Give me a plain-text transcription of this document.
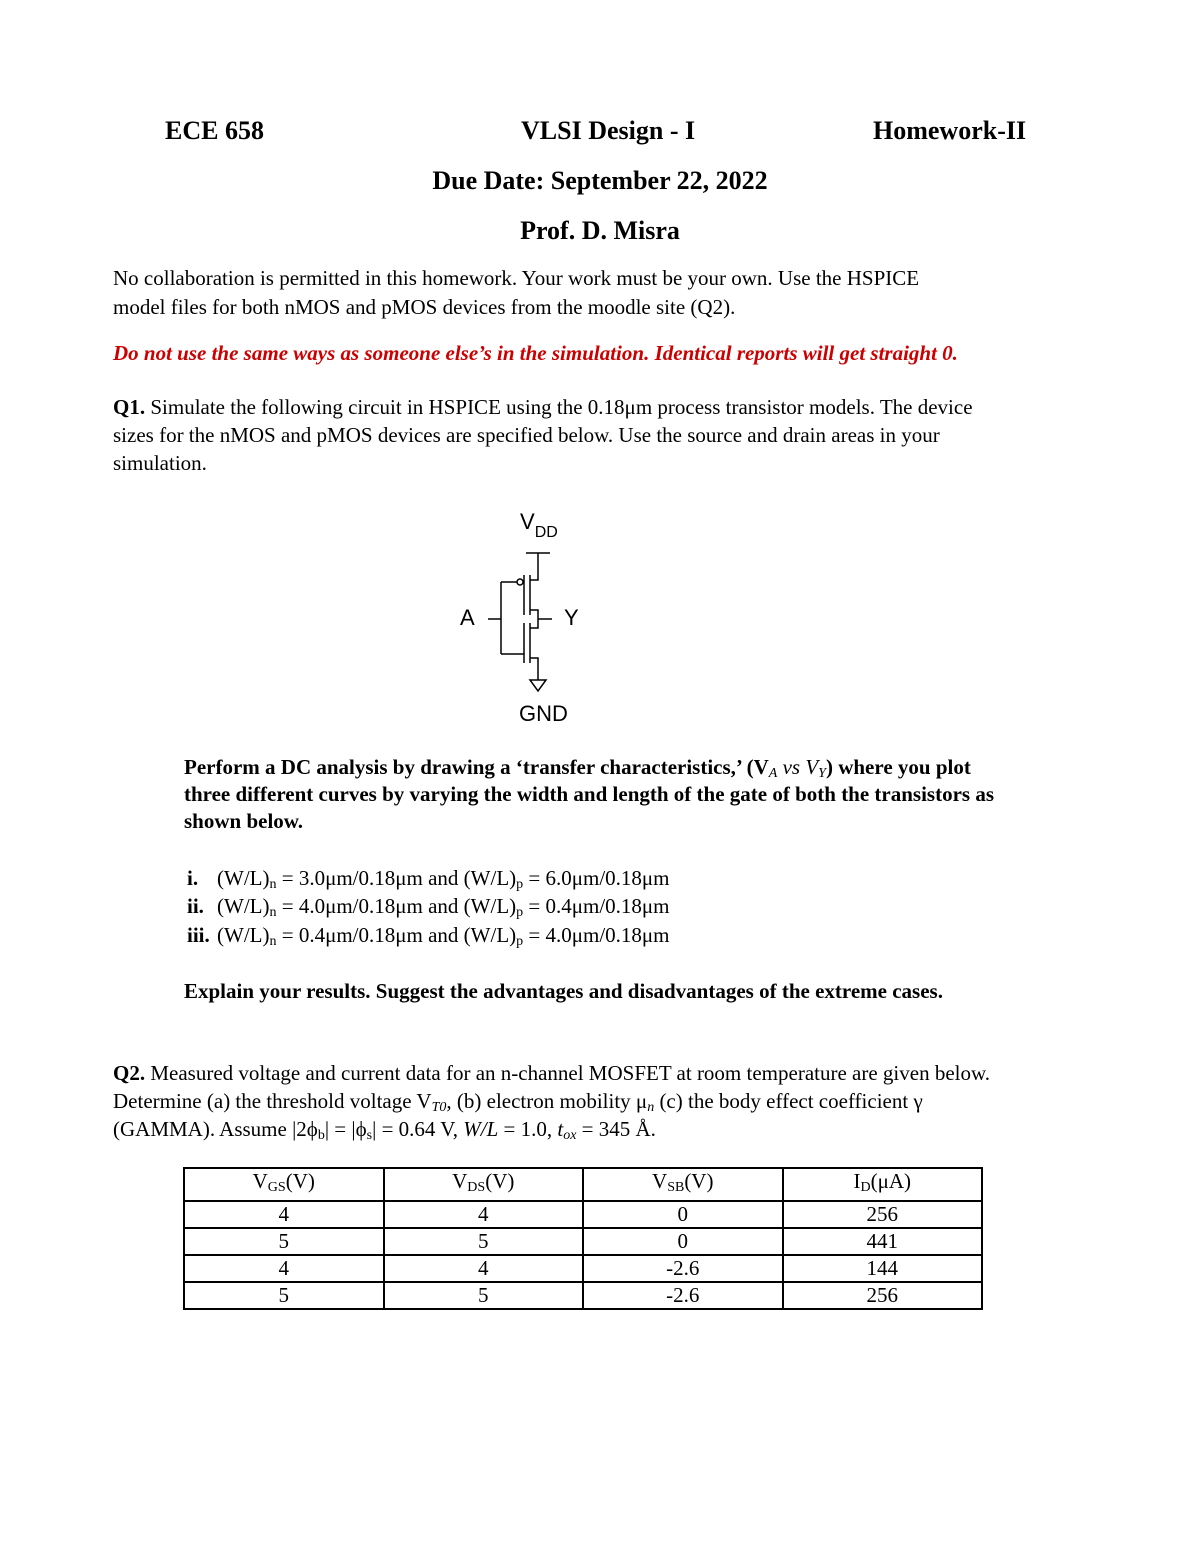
ECE 658	VLSI Design - I	Homework-II
Due Date: September 22, 2022
Prof. D. Misra
No collaboration is permitted in this homework. Your work must be your own. Use the HSPICE
model files for both nMOS and pMOS devices from the moodle site (Q2).
Do not use the same ways as someone else’s in the simulation. Identical reports will get straight 0.
Q1. Simulate the following circuit in HSPICE using the 0.18μm process transistor models. The device
sizes for the nMOS and pMOS devices are specified below. Use the source and drain areas in your
simulation.
$V_{DD}$
A	Y
GND
Perform a DC analysis by drawing a ‘transfer characteristics,’ ($V_A$ vs $V_Y$) where you plot
three different curves by varying the width and length of the gate of both the transistors as
shown below.
i. $(W/L)_n = 3.0\mu m/0.18\mu m$ and $(W/L)_p = 6.0\mu m/0.18\mu m$
ii. $(W/L)_n = 4.0\mu m/0.18\mu m$ and $(W/L)_p = 0.4\mu m/0.18\mu m$
iii. $(W/L)_n = 0.4\mu m/0.18\mu m$ and $(W/L)_p = 4.0\mu m/0.18\mu m$
Explain your results. Suggest the advantages and disadvantages of the extreme cases.
Q2. Measured voltage and current data for an n-channel MOSFET at room temperature are given below.
Determine (a) the threshold voltage $V_{T0}$, (b) electron mobility $\mu_n$ (c) the body effect coefficient γ
(GAMMA). Assume $|2\phi_b| = |\phi_s| = 0.64$ V, W/L = 1.0, $t_{ox} = 345$ Å.
$V_{GS}(V)$	$V_{DS}(V)$	$V_{SB}(V)$	$I_D(\mu A)$
4	4	0	256
5	5	0	441
4	4	-2.6	144
5	5	-2.6	256
